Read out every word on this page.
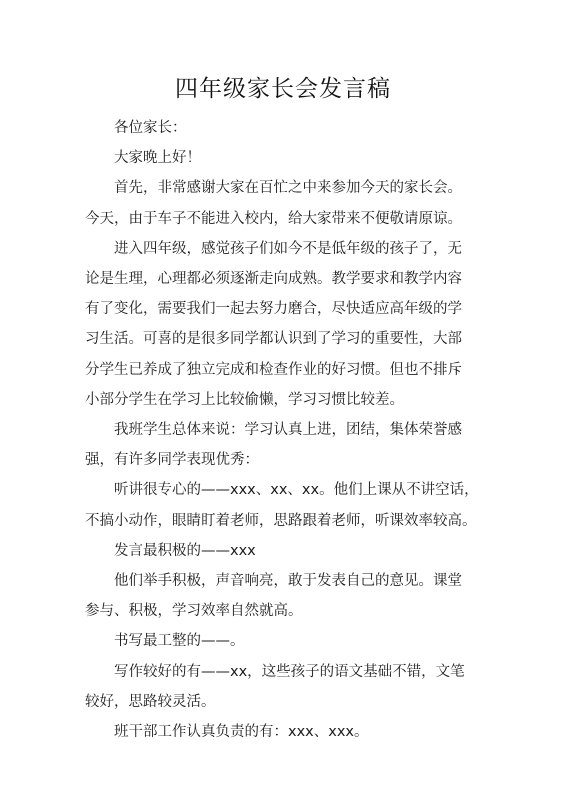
四年级家长会发言稿
各位家长：
大家晚上好！
首先，非常感谢大家在百忙之中来参加今天的家长会。
今天，由于车子不能进入校内，给大家带来不便敬请原谅。
进入四年级，感觉孩子们如今不是低年级的孩子了，无
论是生理，心理都必须逐渐走向成熟。教学要求和教学内容
有了变化，需要我们一起去努力磨合，尽快适应高年级的学
习生活。可喜的是很多同学都认识到了学习的重要性，大部
分学生已养成了独立完成和检查作业的好习惯。但也不排斥
小部分学生在学习上比较偷懒，学习习惯比较差。
我班学生总体来说：学习认真上进，团结，集体荣誉感
强，有许多同学表现优秀：
听讲很专心的——xxx、xx、xx。他们上课从不讲空话，
不搞小动作，眼睛盯着老师，思路跟着老师，听课效率较高。
发言最积极的——xxx
他们举手积极，声音响亮，敢于发表自己的意见。课堂
参与、积极，学习效率自然就高。
书写最工整的——。
写作较好的有——xx，这些孩子的语文基础不错，文笔
较好，思路较灵活。
班干部工作认真负责的有：xxx、xxx。
